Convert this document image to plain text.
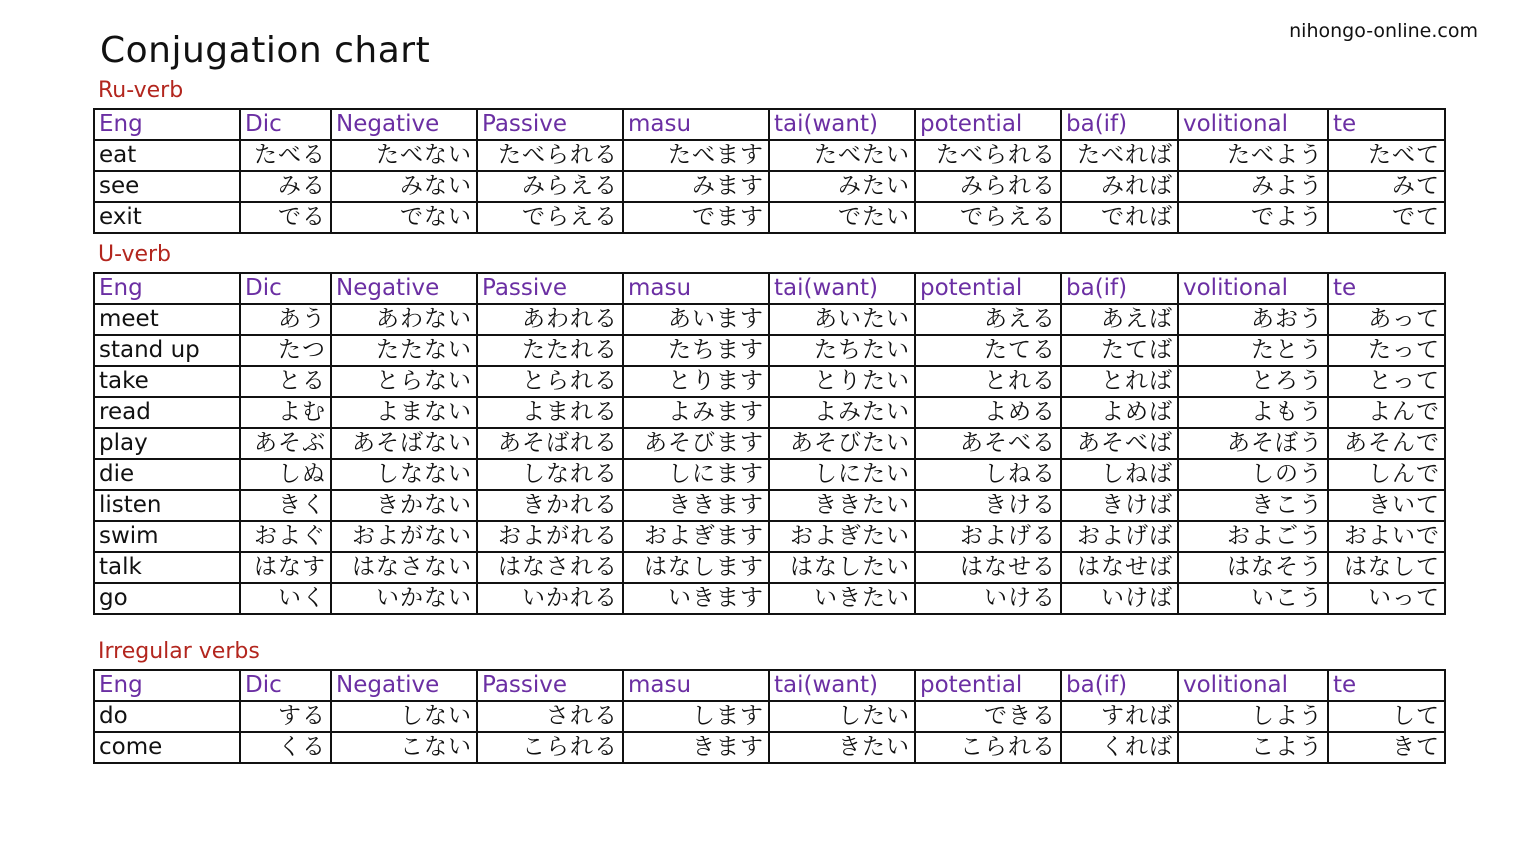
Conjugation chart	nihongo-online.com
Ru-verb
Eng	Dic	Negative	Passive	masu	tai(want)	potential	ba(if)	volitional	te
eat	たべる	たべない	たべられる	たべます	たべたい	たべられる	たべれば	たべよう	たべて
see	みる	みない	みらえる	みます	みたい	みられる	みれば	みよう	みて
exit	でる	でない	でらえる	でます	でたい	でらえる	でれば	でよう	でて
U-verb
Eng	Dic	Negative	Passive	masu	tai(want)	potential	ba(if)	volitional	te
meet	あう	あわない	あわれる	あいます	あいたい	あえる	あえば	あおう	あって
stand up	たつ	たたない	たたれる	たちます	たちたい	たてる	たてば	たとう	たって
take	とる	とらない	とられる	とります	とりたい	とれる	とれば	とろう	とって
read	よむ	よまない	よまれる	よみます	よみたい	よめる	よめば	よもう	よんで
play	あそぶ	あそばない	あそばれる	あそびます	あそびたい	あそべる	あそべば	あそぼう	あそんで
die	しぬ	しなない	しなれる	しにます	しにたい	しねる	しねば	しのう	しんで
listen	きく	きかない	きかれる	ききます	ききたい	きける	きけば	きこう	きいて
swim	およぐ	およがない	およがれる	およぎます	およぎたい	およげる	およげば	およごう	およいで
talk	はなす	はなさない	はなされる	はなします	はなしたい	はなせる	はなせば	はなそう	はなして
go	いく	いかない	いかれる	いきます	いきたい	いける	いけば	いこう	いって
Irregular verbs
Eng	Dic	Negative	Passive	masu	tai(want)	potential	ba(if)	volitional	te
do	する	しない	される	します	したい	できる	すれば	しよう	して
come	くる	こない	こられる	きます	きたい	こられる	くれば	こよう	きて
